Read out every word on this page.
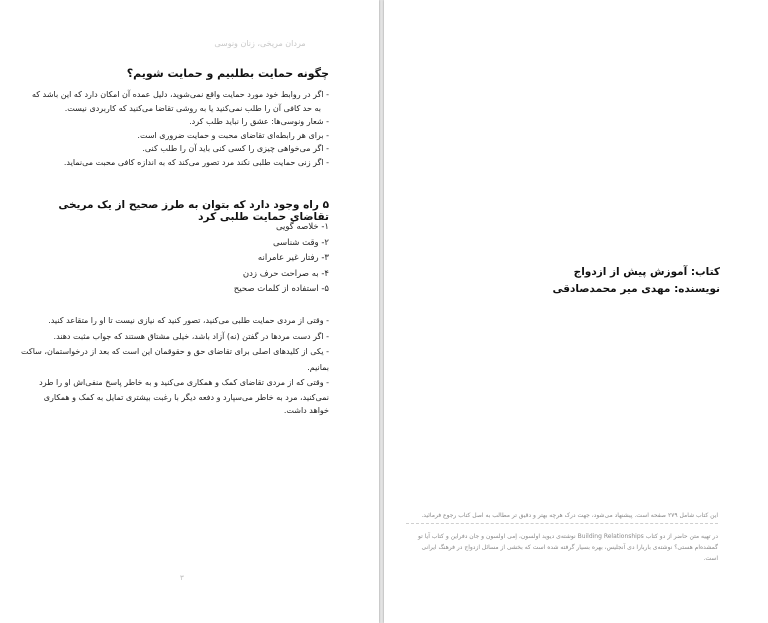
مردان مریخی، زنان ونوسی
چگونه حمایت بطلبیم و حمایت شویم؟
- اگر در روابط خود مورد حمایت واقع نمی‌شوید، دلیل عمده آن امکان دارد که این باشد که
به حد کافی آن را طلب نمی‌کنید یا به روشی تقاضا می‌کنید که کاربردی نیست.
- شعار ونوسی‌ها: عشق را نباید طلب کرد.
- برای هر رابطه‌ای تقاضای محبت و حمایت ضروری است.
- اگر می‌خواهی چیزی را کسی کنی باید آن را طلب کنی.
- اگر زنی حمایت طلبی نکند مرد تصور می‌کند که به اندازه کافی محبت می‌نماید.
۵ راه وجود دارد که بتوان به طرز صحیح از یک مریخی تقاضای حمایت طلبی کرد
۱- خلاصه گویی
۲- وقت شناسی
۳- رفتار غیر عامرانه
۴- به صراحت حرف زدن
۵- استفاده از کلمات صحیح
- وقتی از مردی حمایت طلبی می‌کنید، تصور کنید که نیازی نیست تا او را متقاعد کنید.
- اگر دست مردها در گفتن (نه) آزاد باشد، خیلی مشتاق هستند که جواب مثبت دهند.
- یکی از کلیدهای اصلی برای تقاضای حق و حقوقمان این است که بعد از درخواستمان، ساکت بمانیم.
- وقتی که از مردی تقاضای کمک و همکاری می‌کنید و به خاطر پاسخ منفی‌اش او را طرد
نمی‌کنید، مرد به خاطر می‌سپارد و دفعه دیگر با رغبت بیشتری تمایل به کمک و همکاری
خواهد داشت.
۳
کتاب: آموزش پیش از ازدواج
نویسنده: مهدی میر محمدصادقی
این کتاب شامل ۲۷۹ صفحه است. پیشنهاد می‌شود، جهت درک هرچه بهتر و دقیق تر مطالب به اصل کتاب رجوع فرمائید.
در تهیه متن حاضر از دو کتاب Building Relationships نوشته‌ی دیوید اولسون، اِمی اولسون و جان دفراین و کتاب آیا تو گمشده‌ام هستی؟ نوشته‌ی باربارا دی آنجلیس، بهره بسیار گرفته شده است که بخشی از مسائل ازدواج در فرهنگ ایرانی است.
